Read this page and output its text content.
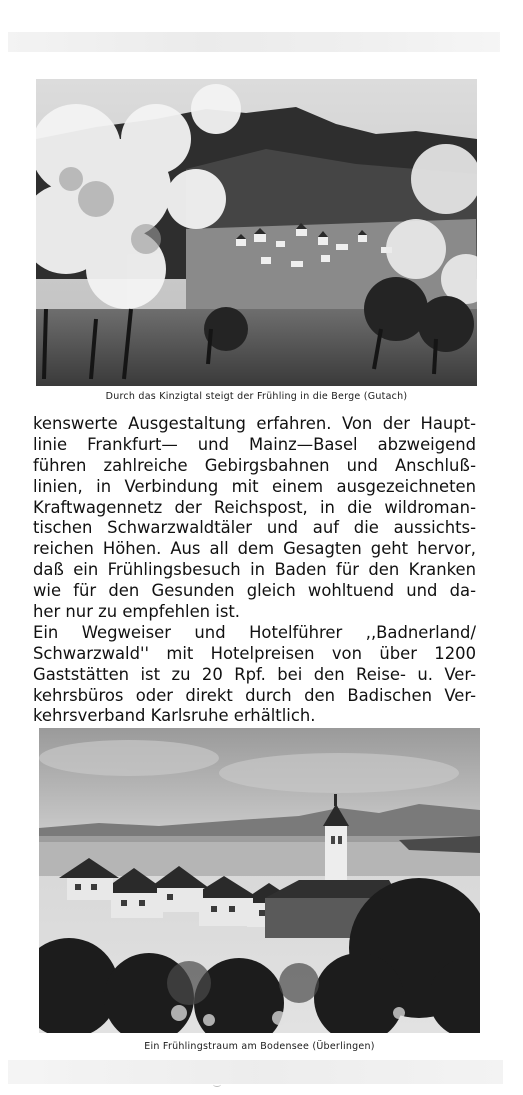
Durch das Kinzigtal steigt der Frühling in die Berge (Gutach)
kenswerte Ausgestaltung erfahren. Von der Haupt-
linie Frankfurt— und Mainz—Basel abzweigend
führen zahlreiche Gebirgsbahnen und Anschluß-
linien, in Verbindung mit einem ausgezeichneten
Kraftwagennetz der Reichspost, in die wildroman-
tischen Schwarzwaldtäler und auf die aussichts-
reichen Höhen. Aus all dem Gesagten geht hervor,
daß ein Frühlingsbesuch in Baden für den Kranken
wie für den Gesunden gleich wohltuend und da-
her nur zu empfehlen ist.
Ein Wegweiser und Hotelführer ,,Badnerland/
Schwarzwald'' mit Hotelpreisen von über 1200
Gaststätten ist zu 20 Rpf. bei den Reise- u. Ver-
kehrsbüros oder direkt durch den Badischen Ver-
kehrsverband Karlsruhe erhältlich.
Ein Frühlingstraum am Bodensee (Überlingen)
